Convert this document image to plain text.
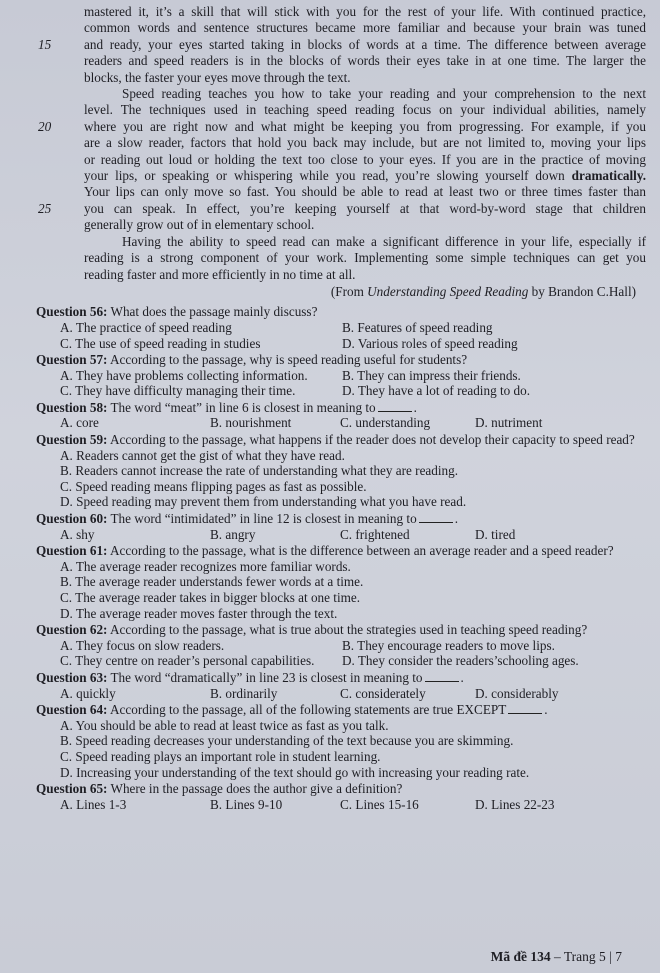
mastered it, it’s a skill that will stick with you for the rest of your life. With continued practice,
common words and sentence structures became more familiar and because your brain was tuned
15 and ready, your eyes started taking in blocks of words at a time. The difference between average
readers and speed readers is in the blocks of words their eyes take in at one time. The larger the
blocks, the faster your eyes move through the text.
Speed reading teaches you how to take your reading and your comprehension to the next
level. The techniques used in teaching speed reading focus on your individual abilities, namely
20 where you are right now and what might be keeping you from progressing. For example, if you
are a slow reader, factors that hold you back may include, but are not limited to, moving your lips
or reading out loud or holding the text too close to your eyes. If you are in the practice of moving
your lips, or speaking or whispering while you read, you’re slowing yourself down dramatically.
Your lips can only move so fast. You should be able to read at least two or three times faster than
25 you can speak. In effect, you’re keeping yourself at that word-by-word stage that children
generally grow out of in elementary school.
Having the ability to speed read can make a significant difference in your life, especially if
reading is a strong component of your work. Implementing some simple techniques can get you
reading faster and more efficiently in no time at all.
(From Understanding Speed Reading by Brandon C.Hall)
Question 56: What does the passage mainly discuss?
A. The practice of speed reading	B. Features of speed reading
C. The use of speed reading in studies	D. Various roles of speed reading
Question 57: According to the passage, why is speed reading useful for students?
A. They have problems collecting information.	B. They can impress their friends.
C. They have difficulty managing their time.	D. They have a lot of reading to do.
Question 58: The word “meat” in line 6 is closest in meaning to	.
A. core	B. nourishment	C. understanding	D. nutriment
Question 59: According to the passage, what happens if the reader does not develop their capacity to speed read?
A. Readers cannot get the gist of what they have read.
B. Readers cannot increase the rate of understanding what they are reading.
C. Speed reading means flipping pages as fast as possible.
D. Speed reading may prevent them from understanding what you have read.
Question 60: The word “intimidated” in line 12 is closest in meaning to	.
A. shy	B. angry	C. frightened	D. tired
Question 61: According to the passage, what is the difference between an average reader and a speed reader?
A. The average reader recognizes more familiar words.
B. The average reader understands fewer words at a time.
C. The average reader takes in bigger blocks at one time.
D. The average reader moves faster through the text.
Question 62: According to the passage, what is true about the strategies used in teaching speed reading?
A. They focus on slow readers.	B. They encourage readers to move lips.
C. They centre on reader’s personal capabilities.	D. They consider the readers’schooling ages.
Question 63: The word “dramatically” in line 23 is closest in meaning to	.
A. quickly	B. ordinarily	C. considerately	D. considerably
Question 64: According to the passage, all of the following statements are true EXCEPT	.
A. You should be able to read at least twice as fast as you talk.
B. Speed reading decreases your understanding of the text because you are skimming.
C. Speed reading plays an important role in student learning.
D. Increasing your understanding of the text should go with increasing your reading rate.
Question 65: Where in the passage does the author give a definition?
A. Lines 1-3	B. Lines 9-10	C. Lines 15-16	D. Lines 22-23
Mã đề 134 – Trang 5 | 7
